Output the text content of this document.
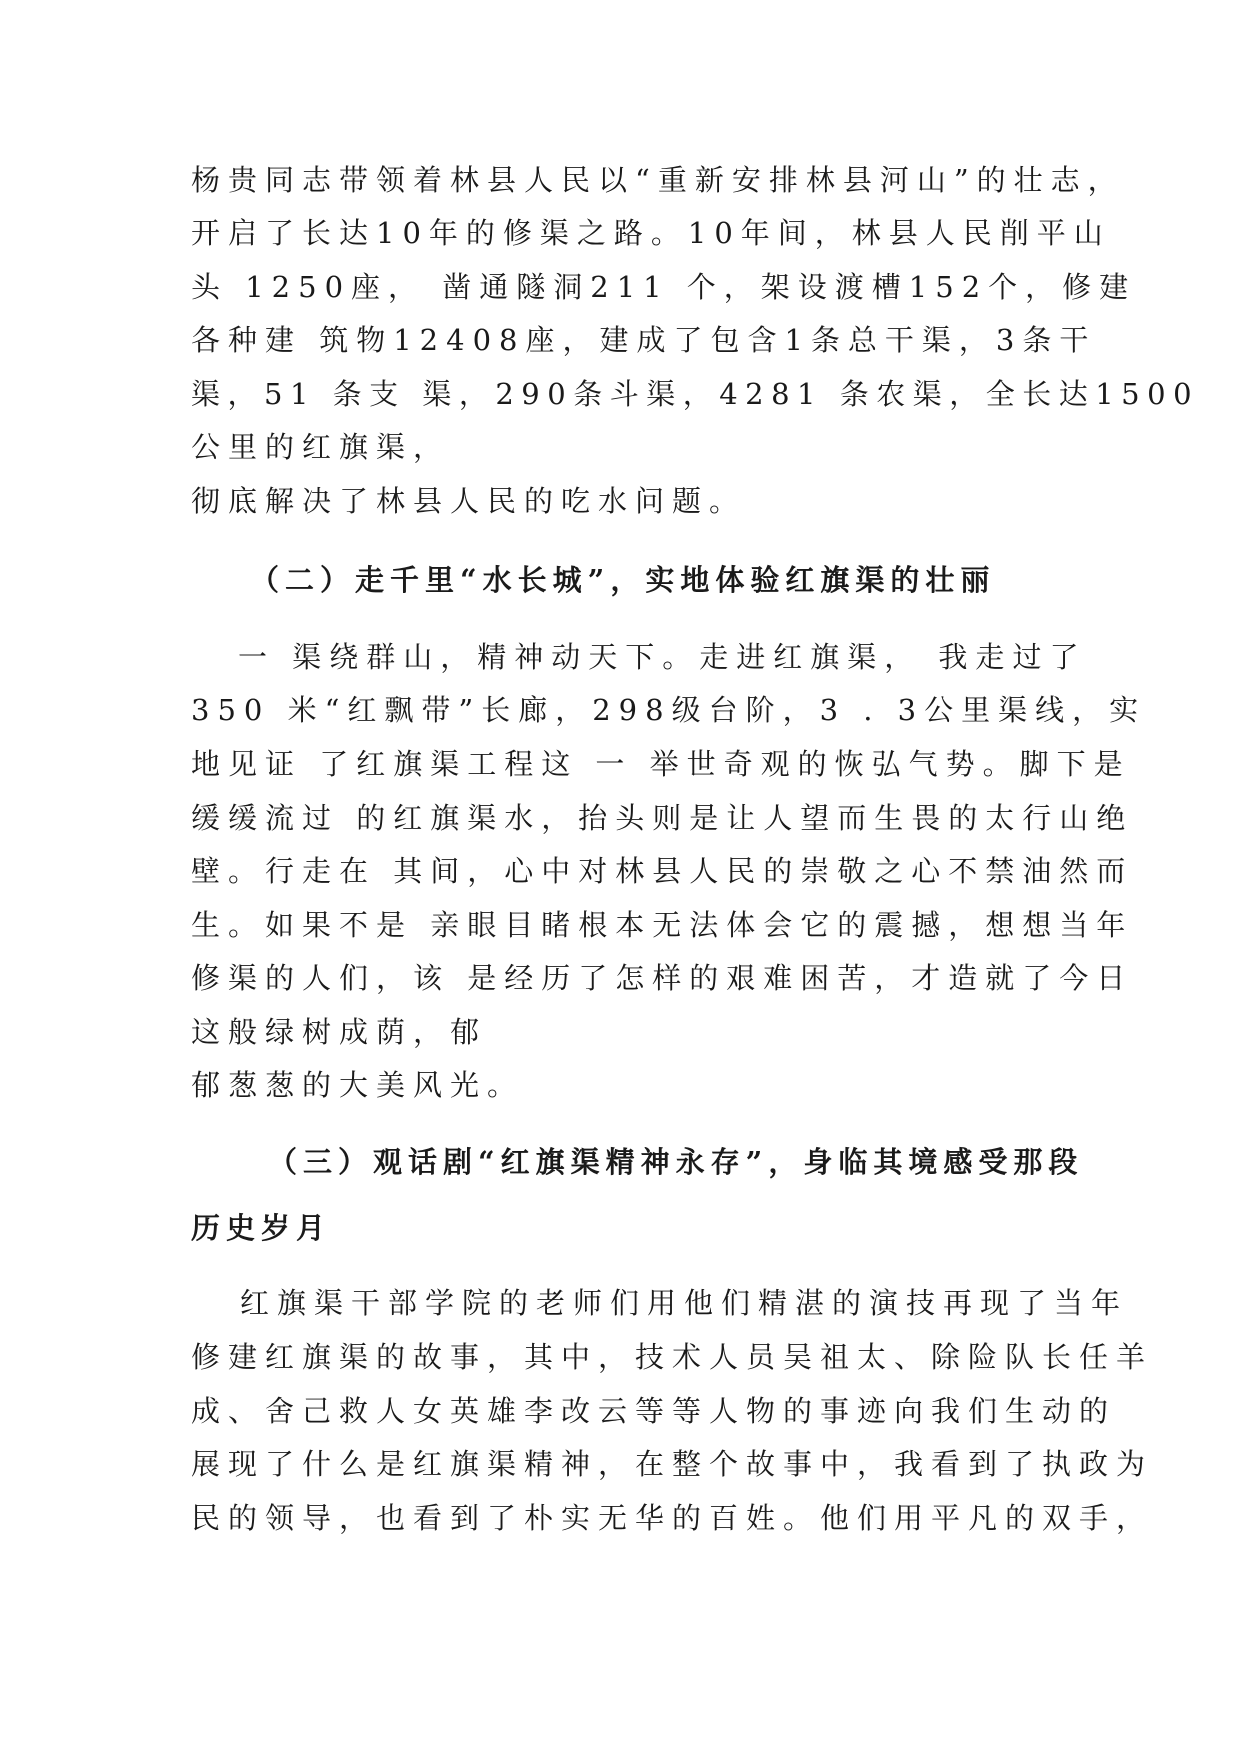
杨贵同志带领着林县人民以“重新安排林县河山”的壮志，
开启了长达10年的修渠之路。10年间，林县人民削平山
头 1250座， 凿通隧洞211 个，架设渡槽152个，修建
各种建 筑物12408座，建成了包含1条总干渠，3条干
渠，51 条支 渠，290条斗渠，4281 条农渠，全长达1500
公里的红旗渠，
彻底解决了林县人民的吃水问题。
（二）走千里“水长城”，实地体验红旗渠的壮丽
一 渠绕群山，精神动天下。走进红旗渠， 我走过了
350 米“红飘带”长廊，298级台阶，3 . 3公里渠线，实
地见证 了红旗渠工程这 一 举世奇观的恢弘气势。脚下是
缓缓流过 的红旗渠水，抬头则是让人望而生畏的太行山绝
壁。行走在 其间，心中对林县人民的崇敬之心不禁油然而
生。如果不是 亲眼目睹根本无法体会它的震撼，想想当年
修渠的人们，该 是经历了怎样的艰难困苦，才造就了今日
这般绿树成荫，郁
郁葱葱的大美风光。
（三）观话剧“红旗渠精神永存”，身临其境感受那段
历史岁月
红旗渠干部学院的老师们用他们精湛的演技再现了当年
修建红旗渠的故事，其中，技术人员吴祖太、除险队长任羊
成、舍己救人女英雄李改云等等人物的事迹向我们生动的
展现了什么是红旗渠精神，在整个故事中，我看到了执政为
民的领导，也看到了朴实无华的百姓。他们用平凡的双手，
